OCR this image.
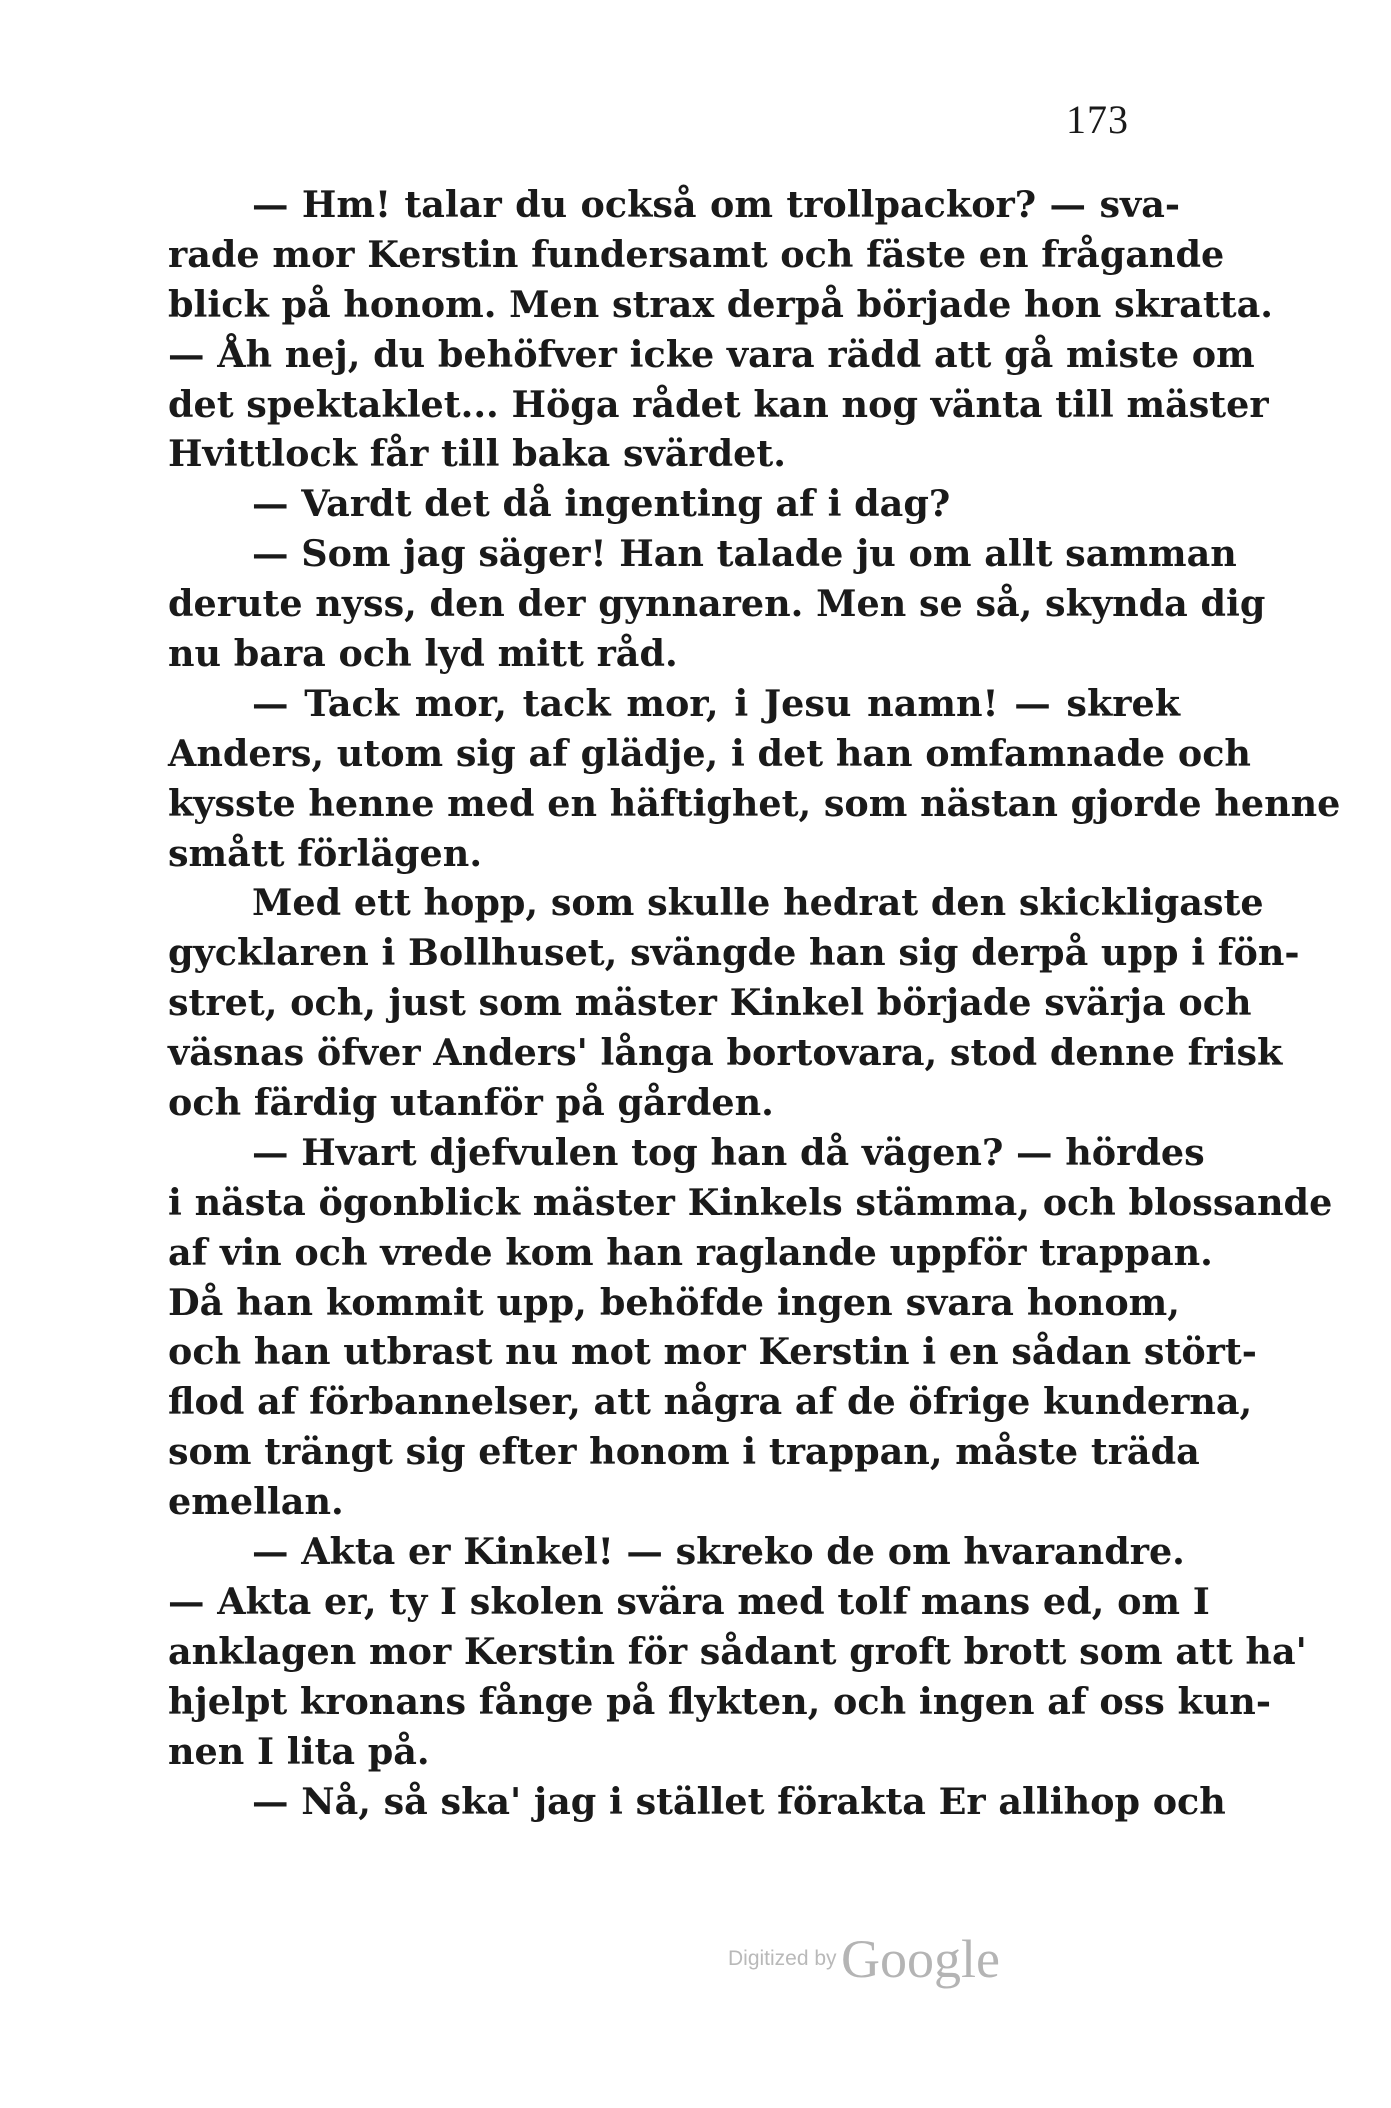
173
— Hm! talar du också om trollpackor? — sva-
rade mor Kerstin fundersamt och fäste en frågande
blick på honom. Men strax derpå började hon skratta.
— Åh nej, du behöfver icke vara rädd att gå miste om
det spektaklet... Höga rådet kan nog vänta till mäster
Hvittlock får till baka svärdet.
— Vardt det då ingenting af i dag?
— Som jag säger! Han talade ju om allt samman
derute nyss, den der gynnaren. Men se så, skynda dig
nu bara och lyd mitt råd.
— Tack mor, tack mor, i Jesu namn! — skrek
Anders, utom sig af glädje, i det han omfamnade och
kysste henne med en häftighet, som nästan gjorde henne
smått förlägen.
Med ett hopp, som skulle hedrat den skickligaste
gycklaren i Bollhuset, svängde han sig derpå upp i fön-
stret, och, just som mäster Kinkel började svärja och
väsnas öfver Anders' långa bortovara, stod denne frisk
och färdig utanför på gården.
— Hvart djefvulen tog han då vägen? — hördes
i nästa ögonblick mäster Kinkels stämma, och blossande
af vin och vrede kom han raglande uppför trappan.
Då han kommit upp, behöfde ingen svara honom,
och han utbrast nu mot mor Kerstin i en sådan stört-
flod af förbannelser, att några af de öfrige kunderna,
som trängt sig efter honom i trappan, måste träda
emellan.
— Akta er Kinkel! — skreko de om hvarandre.
— Akta er, ty I skolen svära med tolf mans ed, om I
anklagen mor Kerstin för sådant groft brott som att ha'
hjelpt kronans fånge på flykten, och ingen af oss kun-
nen I lita på.
— Nå, så ska' jag i stället förakta Er allihop och
Digitized by Google
